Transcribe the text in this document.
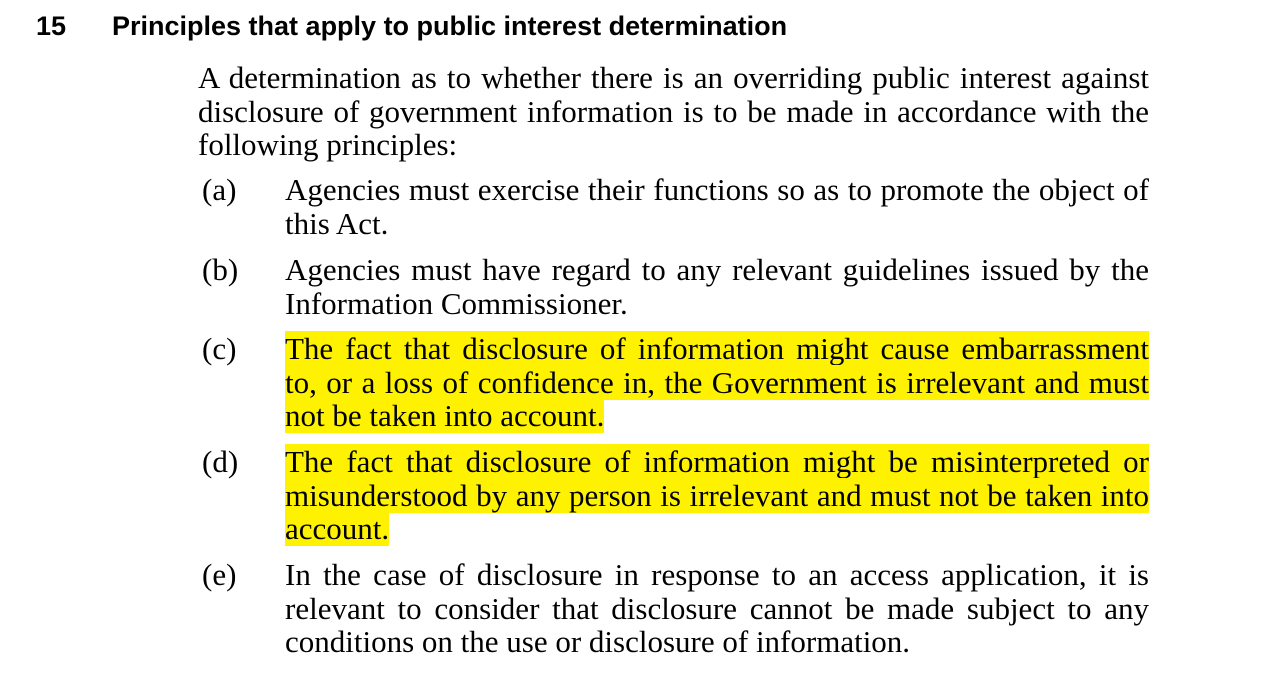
15 Principles that apply to public interest determination

A determination as to whether there is an overriding public interest against disclosure of government information is to be made in accordance with the following principles:

(a) Agencies must exercise their functions so as to promote the object of this Act.

(b) Agencies must have regard to any relevant guidelines issued by the Information Commissioner.

(c) The fact that disclosure of information might cause embarrassment to, or a loss of confidence in, the Government is irrelevant and must not be taken into account.

(d) The fact that disclosure of information might be misinterpreted or misunderstood by any person is irrelevant and must not be taken into account.

(e) In the case of disclosure in response to an access application, it is relevant to consider that disclosure cannot be made subject to any conditions on the use or disclosure of information.
